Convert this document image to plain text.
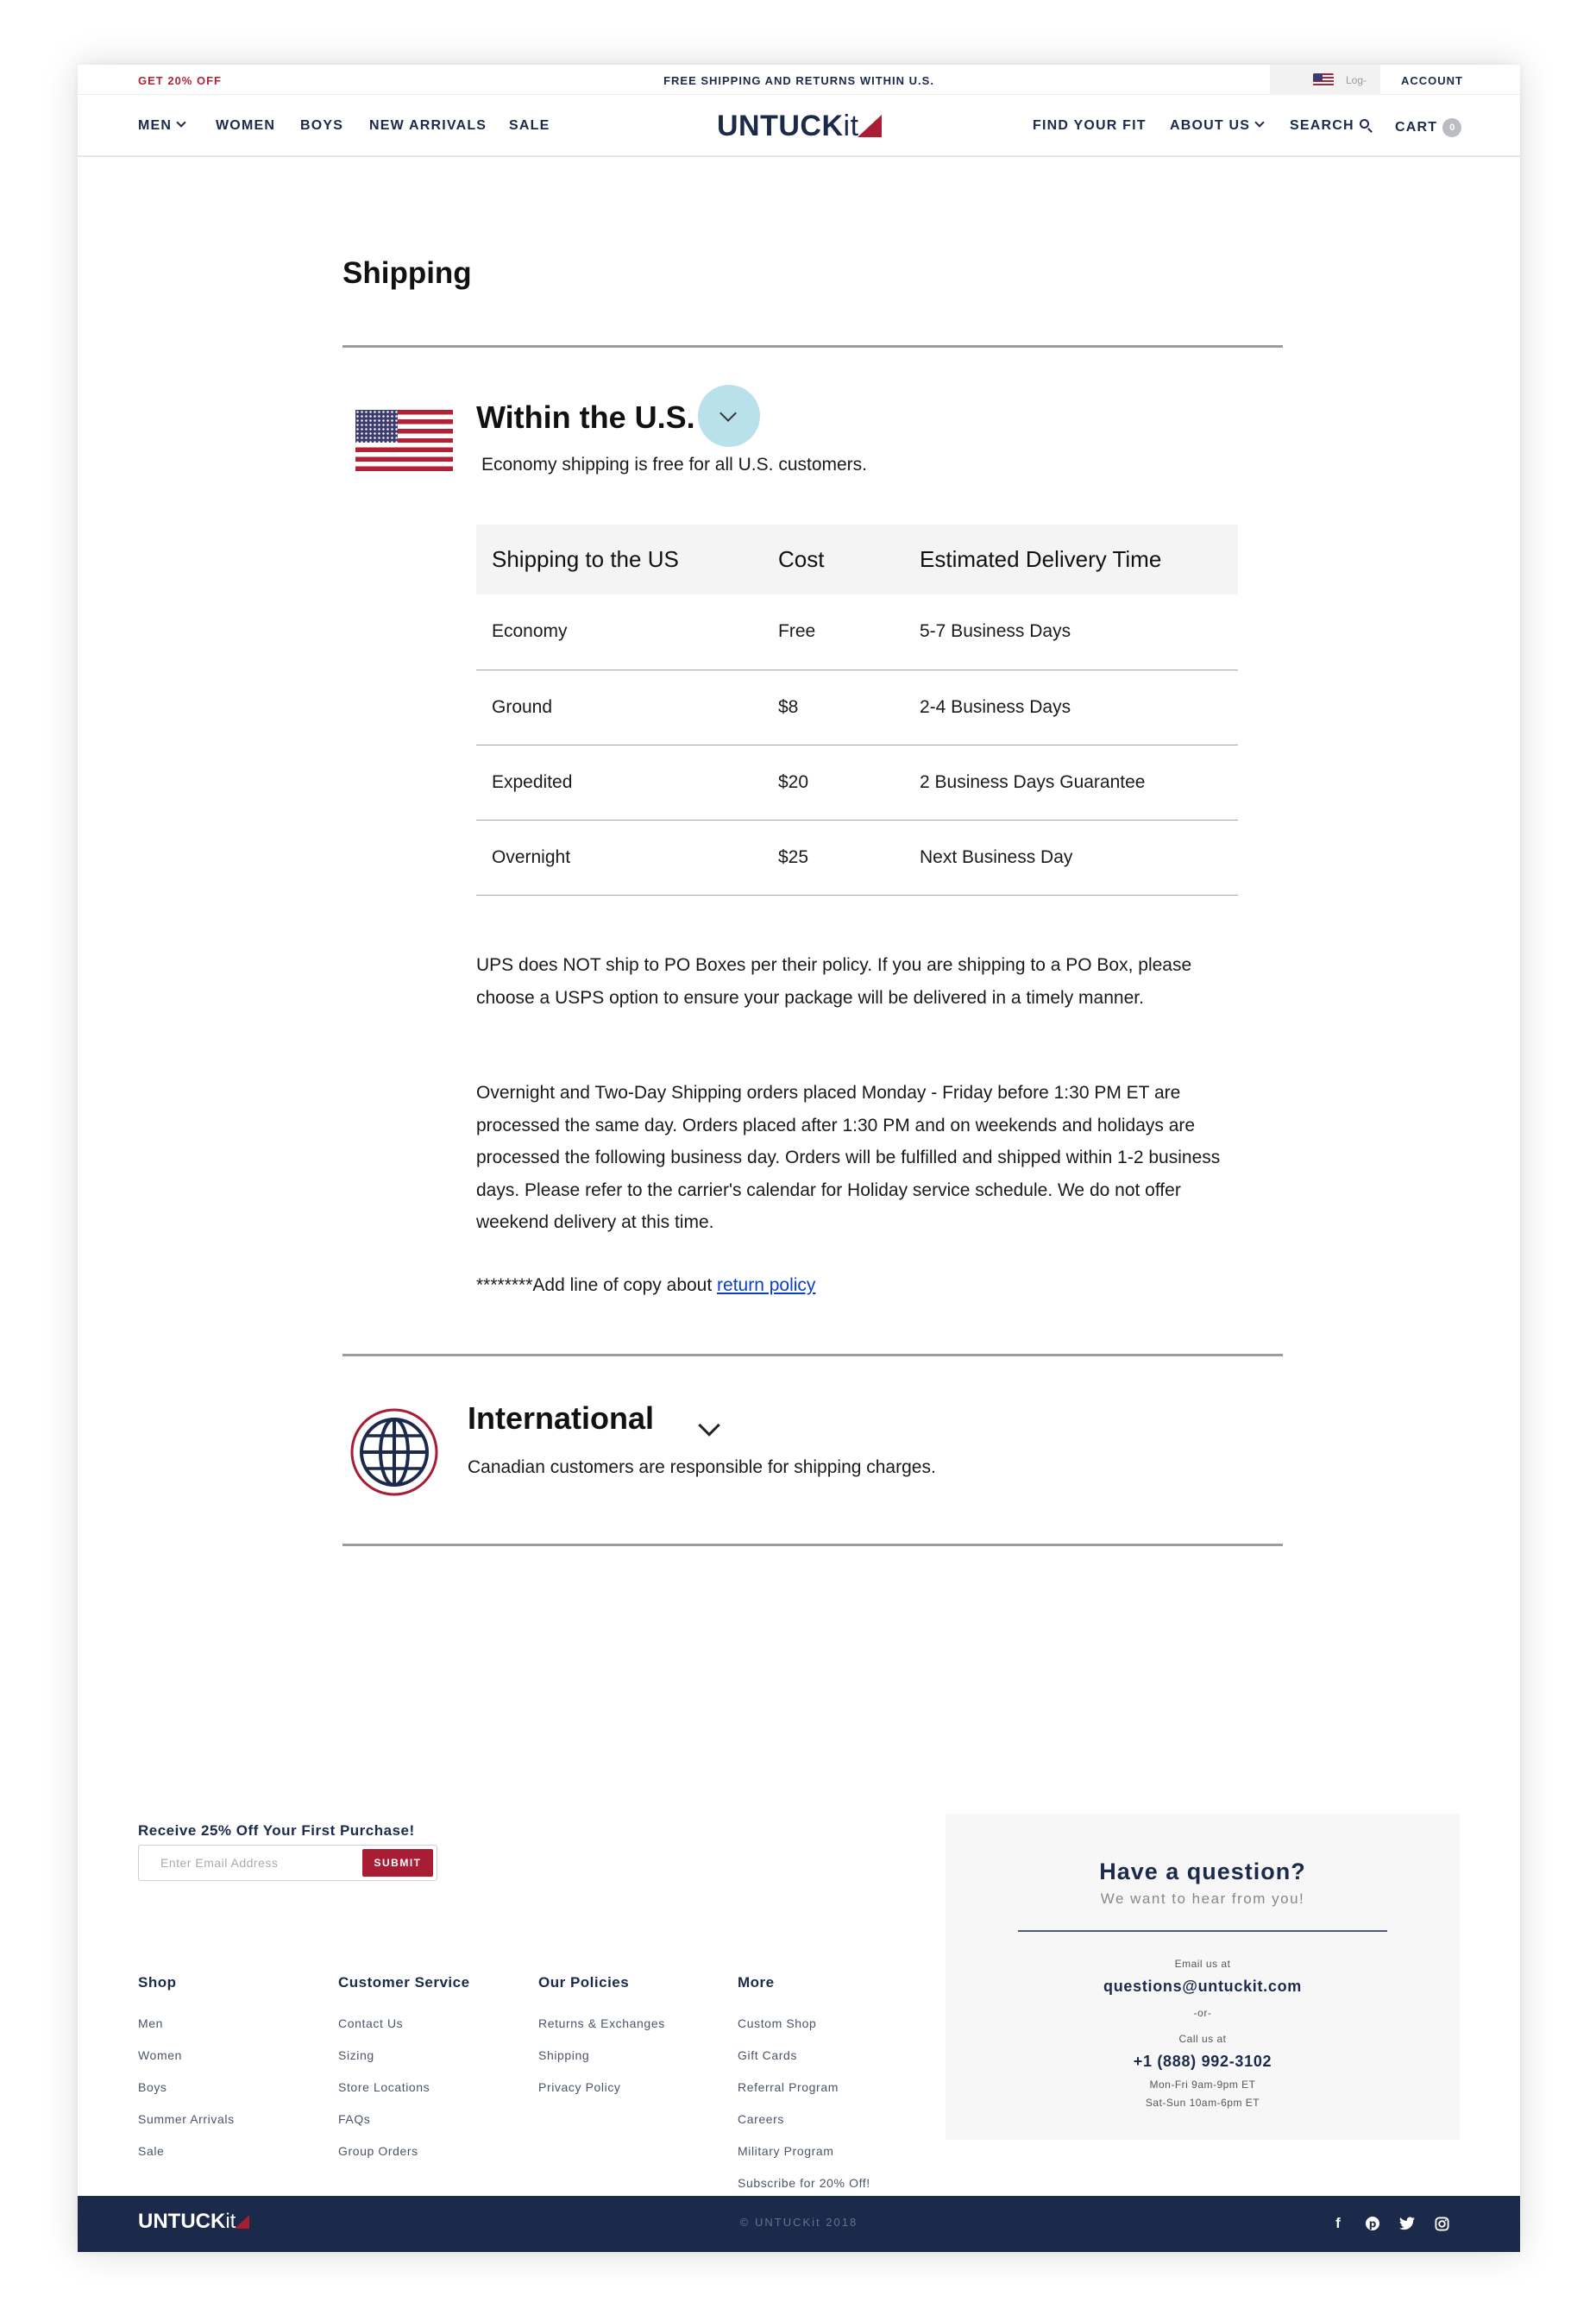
GET 20% OFF	FREE SHIPPING AND RETURNS WITHIN U.S.	Log-	ACCOUNT
MEN	WOMEN BOYS NEW ARRIVALS SALE	UNTUCKit	FIND YOUR FIT ABOUT US	SEARCH	CART 0
Shipping
Within the U.S.
Economy shipping is free for all U.S. customers.
Shipping to the US	Cost	Estimated Delivery Time
Economy	Free	5-7 Business Days
Ground	$8	2-4 Business Days
Expedited	$20	2 Business Days Guarantee
Overnight	$25	Next Business Day

UPS does NOT ship to PO Boxes per their policy. If you are shipping to a PO Box, please choose a USPS option to ensure your package will be delivered in a timely manner.

Overnight and Two-Day Shipping orders placed Monday - Friday before 1:30 PM ET are processed the same day. Orders placed after 1:30 PM and on weekends and holidays are processed the following business day. Orders will be fulfilled and shipped within 1-2 business days. Please refer to the carrier's calendar for Holiday service schedule. We do not offer weekend delivery at this time.

********Add line of copy about return policy

International
Canadian customers are responsible for shipping charges.
Receive 25% Off Your First Purchase!
Enter Email Address
SUBMIT
Shop
Men
Women
Boys
Summer Arrivals
Sale
Customer Service
Contact Us
Sizing
Store Locations
FAQs
Group Orders
Our Policies
Returns & Exchanges
Shipping
Privacy Policy
More
Custom Shop
Gift Cards
Referral Program
Careers
Military Program
Subscribe for 20% Off!
Have a question?
We want to hear from you!
Email us at
questions@untuckit.com
-or-
Call us at
+1 (888) 992-3102
Mon-Fri 9am-9pm ET
Sat-Sun 10am-6pm ET
UNTUCKit	© UNTUCKit 2018	f	p
